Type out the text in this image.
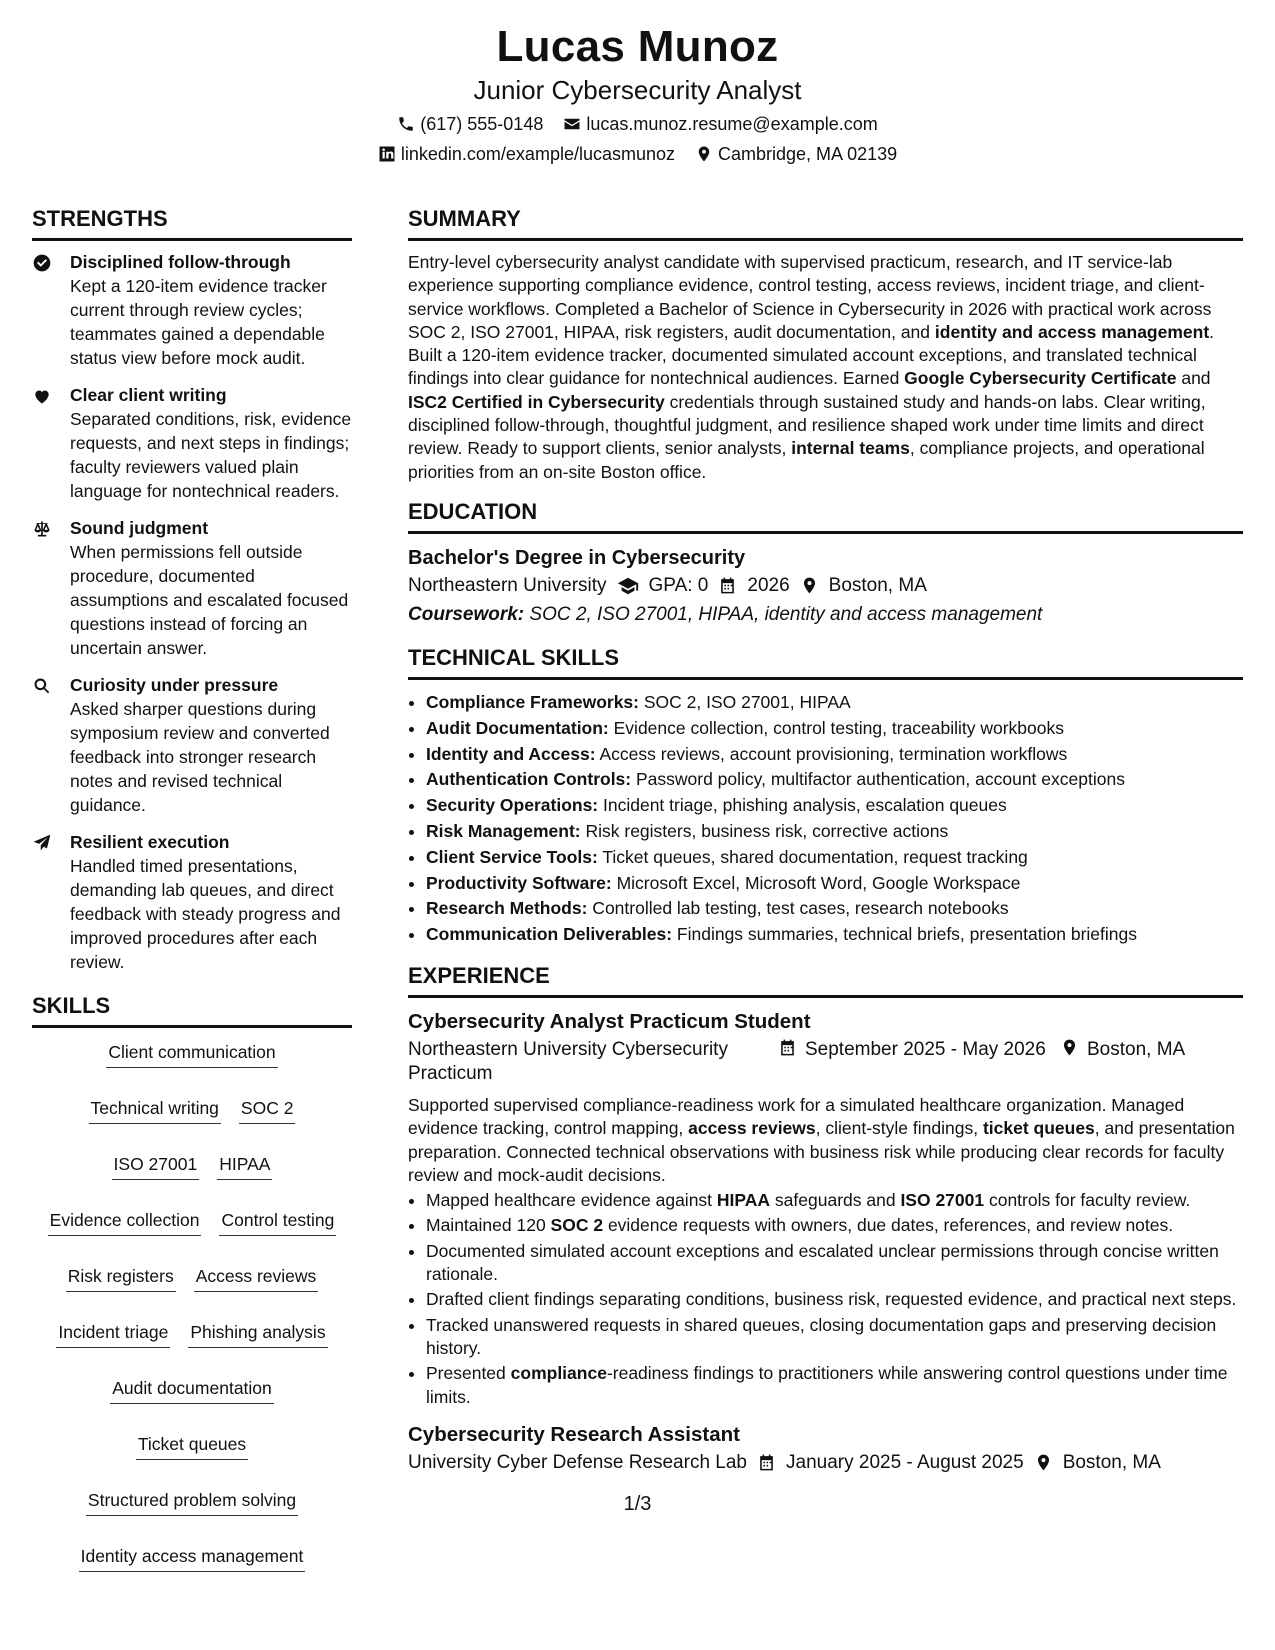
Lucas Munoz
Junior Cybersecurity Analyst
(617) 555-0148 lucas.munoz.resume@example.com
linkedin.com/example/lucasmunoz Cambridge, MA 02139
STRENGTHS
Disciplined follow-through
Kept a 120-item evidence tracker current through review cycles; teammates gained a dependable status view before mock audit.
Clear client writing
Separated conditions, risk, evidence requests, and next steps in findings; faculty reviewers valued plain language for nontechnical readers.
Sound judgment
When permissions fell outside procedure, documented assumptions and escalated focused questions instead of forcing an uncertain answer.
Curiosity under pressure
Asked sharper questions during symposium review and converted feedback into stronger research notes and revised technical guidance.
Resilient execution
Handled timed presentations, demanding lab queues, and direct feedback with steady progress and improved procedures after each review.
SKILLS
Client communication
Technical writing SOC 2
ISO 27001 HIPAA
Evidence collection Control testing
Risk registers Access reviews
Incident triage Phishing analysis
Audit documentation
Ticket queues
Structured problem solving
Identity access management
SUMMARY
Entry-level cybersecurity analyst candidate with supervised practicum, research, and IT service-lab experience supporting compliance evidence, control testing, access reviews, incident triage, and client-service workflows. Completed a Bachelor of Science in Cybersecurity in 2026 with practical work across SOC 2, ISO 27001, HIPAA, risk registers, audit documentation, and identity and access management. Built a 120-item evidence tracker, documented simulated account exceptions, and translated technical findings into clear guidance for nontechnical audiences. Earned Google Cybersecurity Certificate and ISC2 Certified in Cybersecurity credentials through sustained study and hands-on labs. Clear writing, disciplined follow-through, thoughtful judgment, and resilience shaped work under time limits and direct review. Ready to support clients, senior analysts, internal teams, compliance projects, and operational priorities from an on-site Boston office.
EDUCATION
Bachelor's Degree in Cybersecurity
Northeastern University GPA: 0 2026 Boston, MA
Coursework: SOC 2, ISO 27001, HIPAA, identity and access management
TECHNICAL SKILLS
• Compliance Frameworks: SOC 2, ISO 27001, HIPAA
• Audit Documentation: Evidence collection, control testing, traceability workbooks
• Identity and Access: Access reviews, account provisioning, termination workflows
• Authentication Controls: Password policy, multifactor authentication, account exceptions
• Security Operations: Incident triage, phishing analysis, escalation queues
• Risk Management: Risk registers, business risk, corrective actions
• Client Service Tools: Ticket queues, shared documentation, request tracking
• Productivity Software: Microsoft Excel, Microsoft Word, Google Workspace
• Research Methods: Controlled lab testing, test cases, research notebooks
• Communication Deliverables: Findings summaries, technical briefs, presentation briefings
EXPERIENCE
Cybersecurity Analyst Practicum Student
Northeastern University Cybersecurity Practicum
September 2025 - May 2026 Boston, MA
Supported supervised compliance-readiness work for a simulated healthcare organization. Managed evidence tracking, control mapping, access reviews, client-style findings, ticket queues, and presentation preparation. Connected technical observations with business risk while producing clear records for faculty review and mock-audit decisions.
• Mapped healthcare evidence against HIPAA safeguards and ISO 27001 controls for faculty review.
• Maintained 120 SOC 2 evidence requests with owners, due dates, references, and review notes.
• Documented simulated account exceptions and escalated unclear permissions through concise written rationale.
• Drafted client findings separating conditions, business risk, requested evidence, and practical next steps.
• Tracked unanswered requests in shared queues, closing documentation gaps and preserving decision history.
• Presented compliance-readiness findings to practitioners while answering control questions under time limits.
Cybersecurity Research Assistant
University Cyber Defense Research Lab January 2025 - August 2025 Boston, MA
1/3
